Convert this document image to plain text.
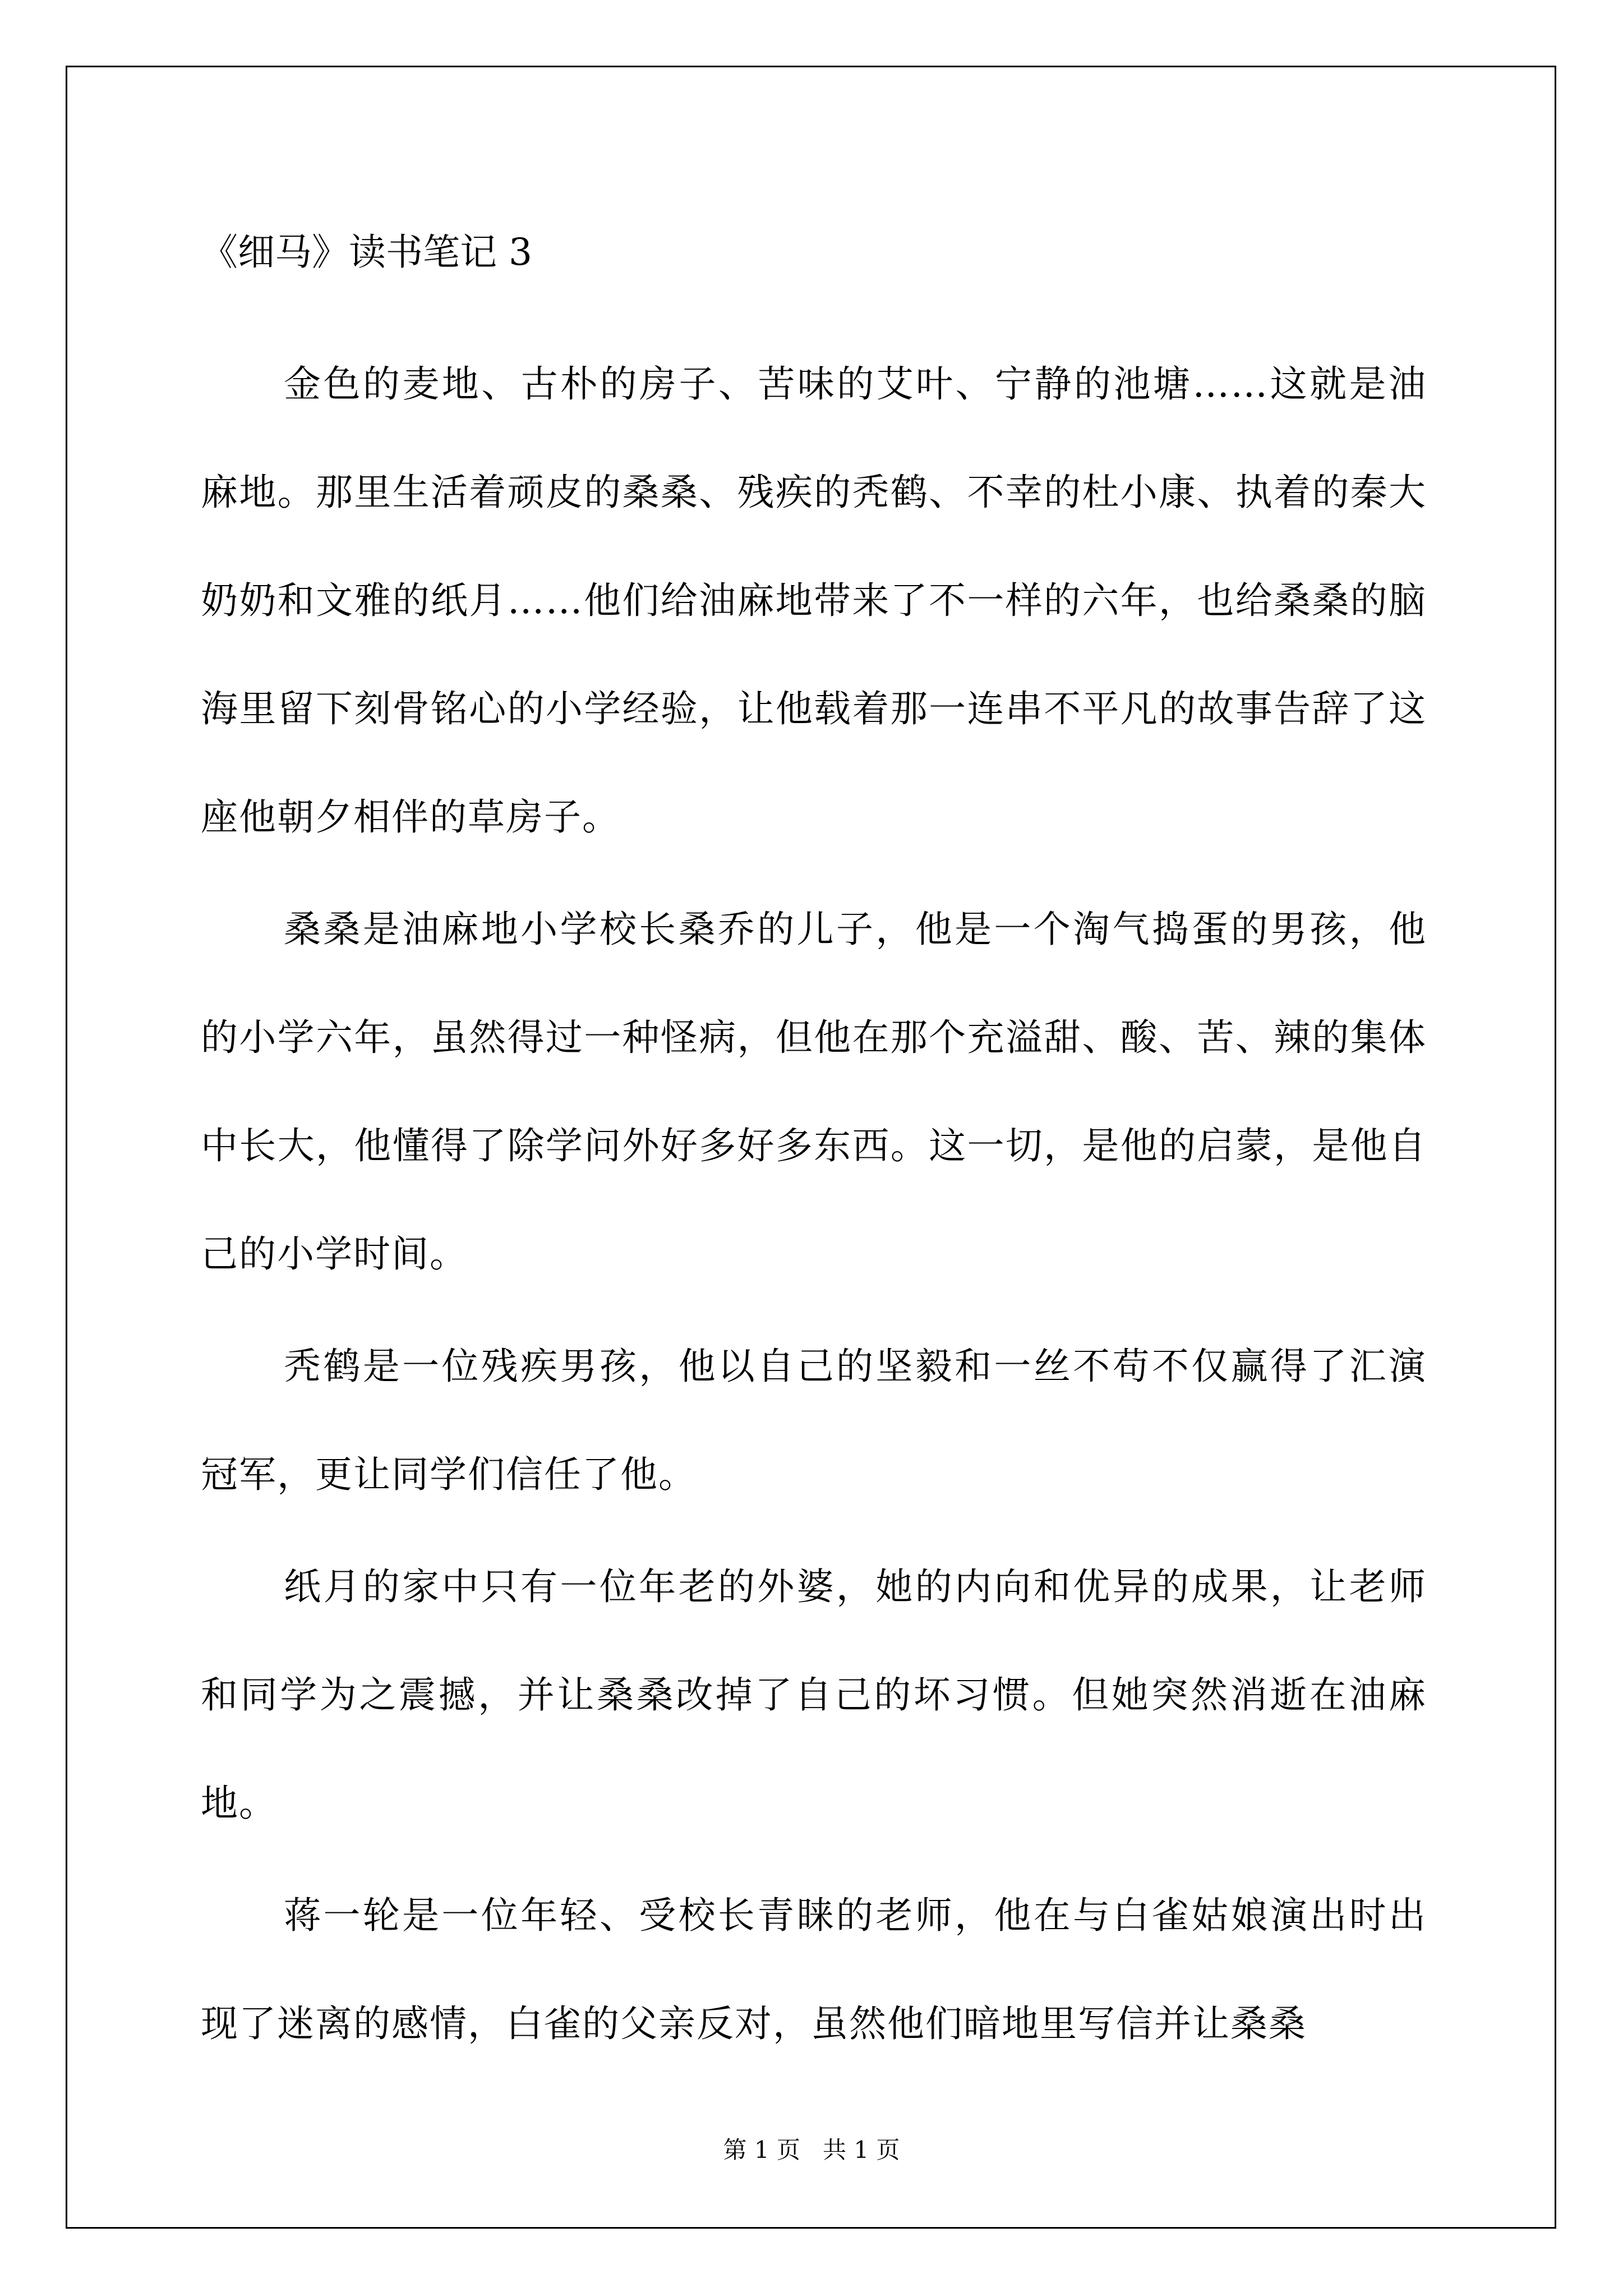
《细马》读书笔记 3

金色的麦地、古朴的房子、苦味的艾叶、宁静的池塘……这就是油麻地。那里生活着顽皮的桑桑、残疾的秃鹤、不幸的杜小康、执着的秦大奶奶和文雅的纸月……他们给油麻地带来了不一样的六年，也给桑桑的脑海里留下刻骨铭心的小学经验，让他载着那一连串不平凡的故事告辞了这座他朝夕相伴的草房子。

桑桑是油麻地小学校长桑乔的儿子，他是一个淘气捣蛋的男孩，他的小学六年，虽然得过一种怪病，但他在那个充溢甜、酸、苦、辣的集体中长大，他懂得了除学问外好多好多东西。这一切，是他的启蒙，是他自己的小学时间。

秃鹤是一位残疾男孩，他以自己的坚毅和一丝不苟不仅赢得了汇演冠军，更让同学们信任了他。

纸月的家中只有一位年老的外婆，她的内向和优异的成果，让老师和同学为之震撼，并让桑桑改掉了自己的坏习惯。但她突然消逝在油麻地。

蒋一轮是一位年轻、受校长青睐的老师，他在与白雀姑娘演出时出现了迷离的感情，白雀的父亲反对，虽然他们暗地里写信并让桑桑

第 1 页   共 1 页
